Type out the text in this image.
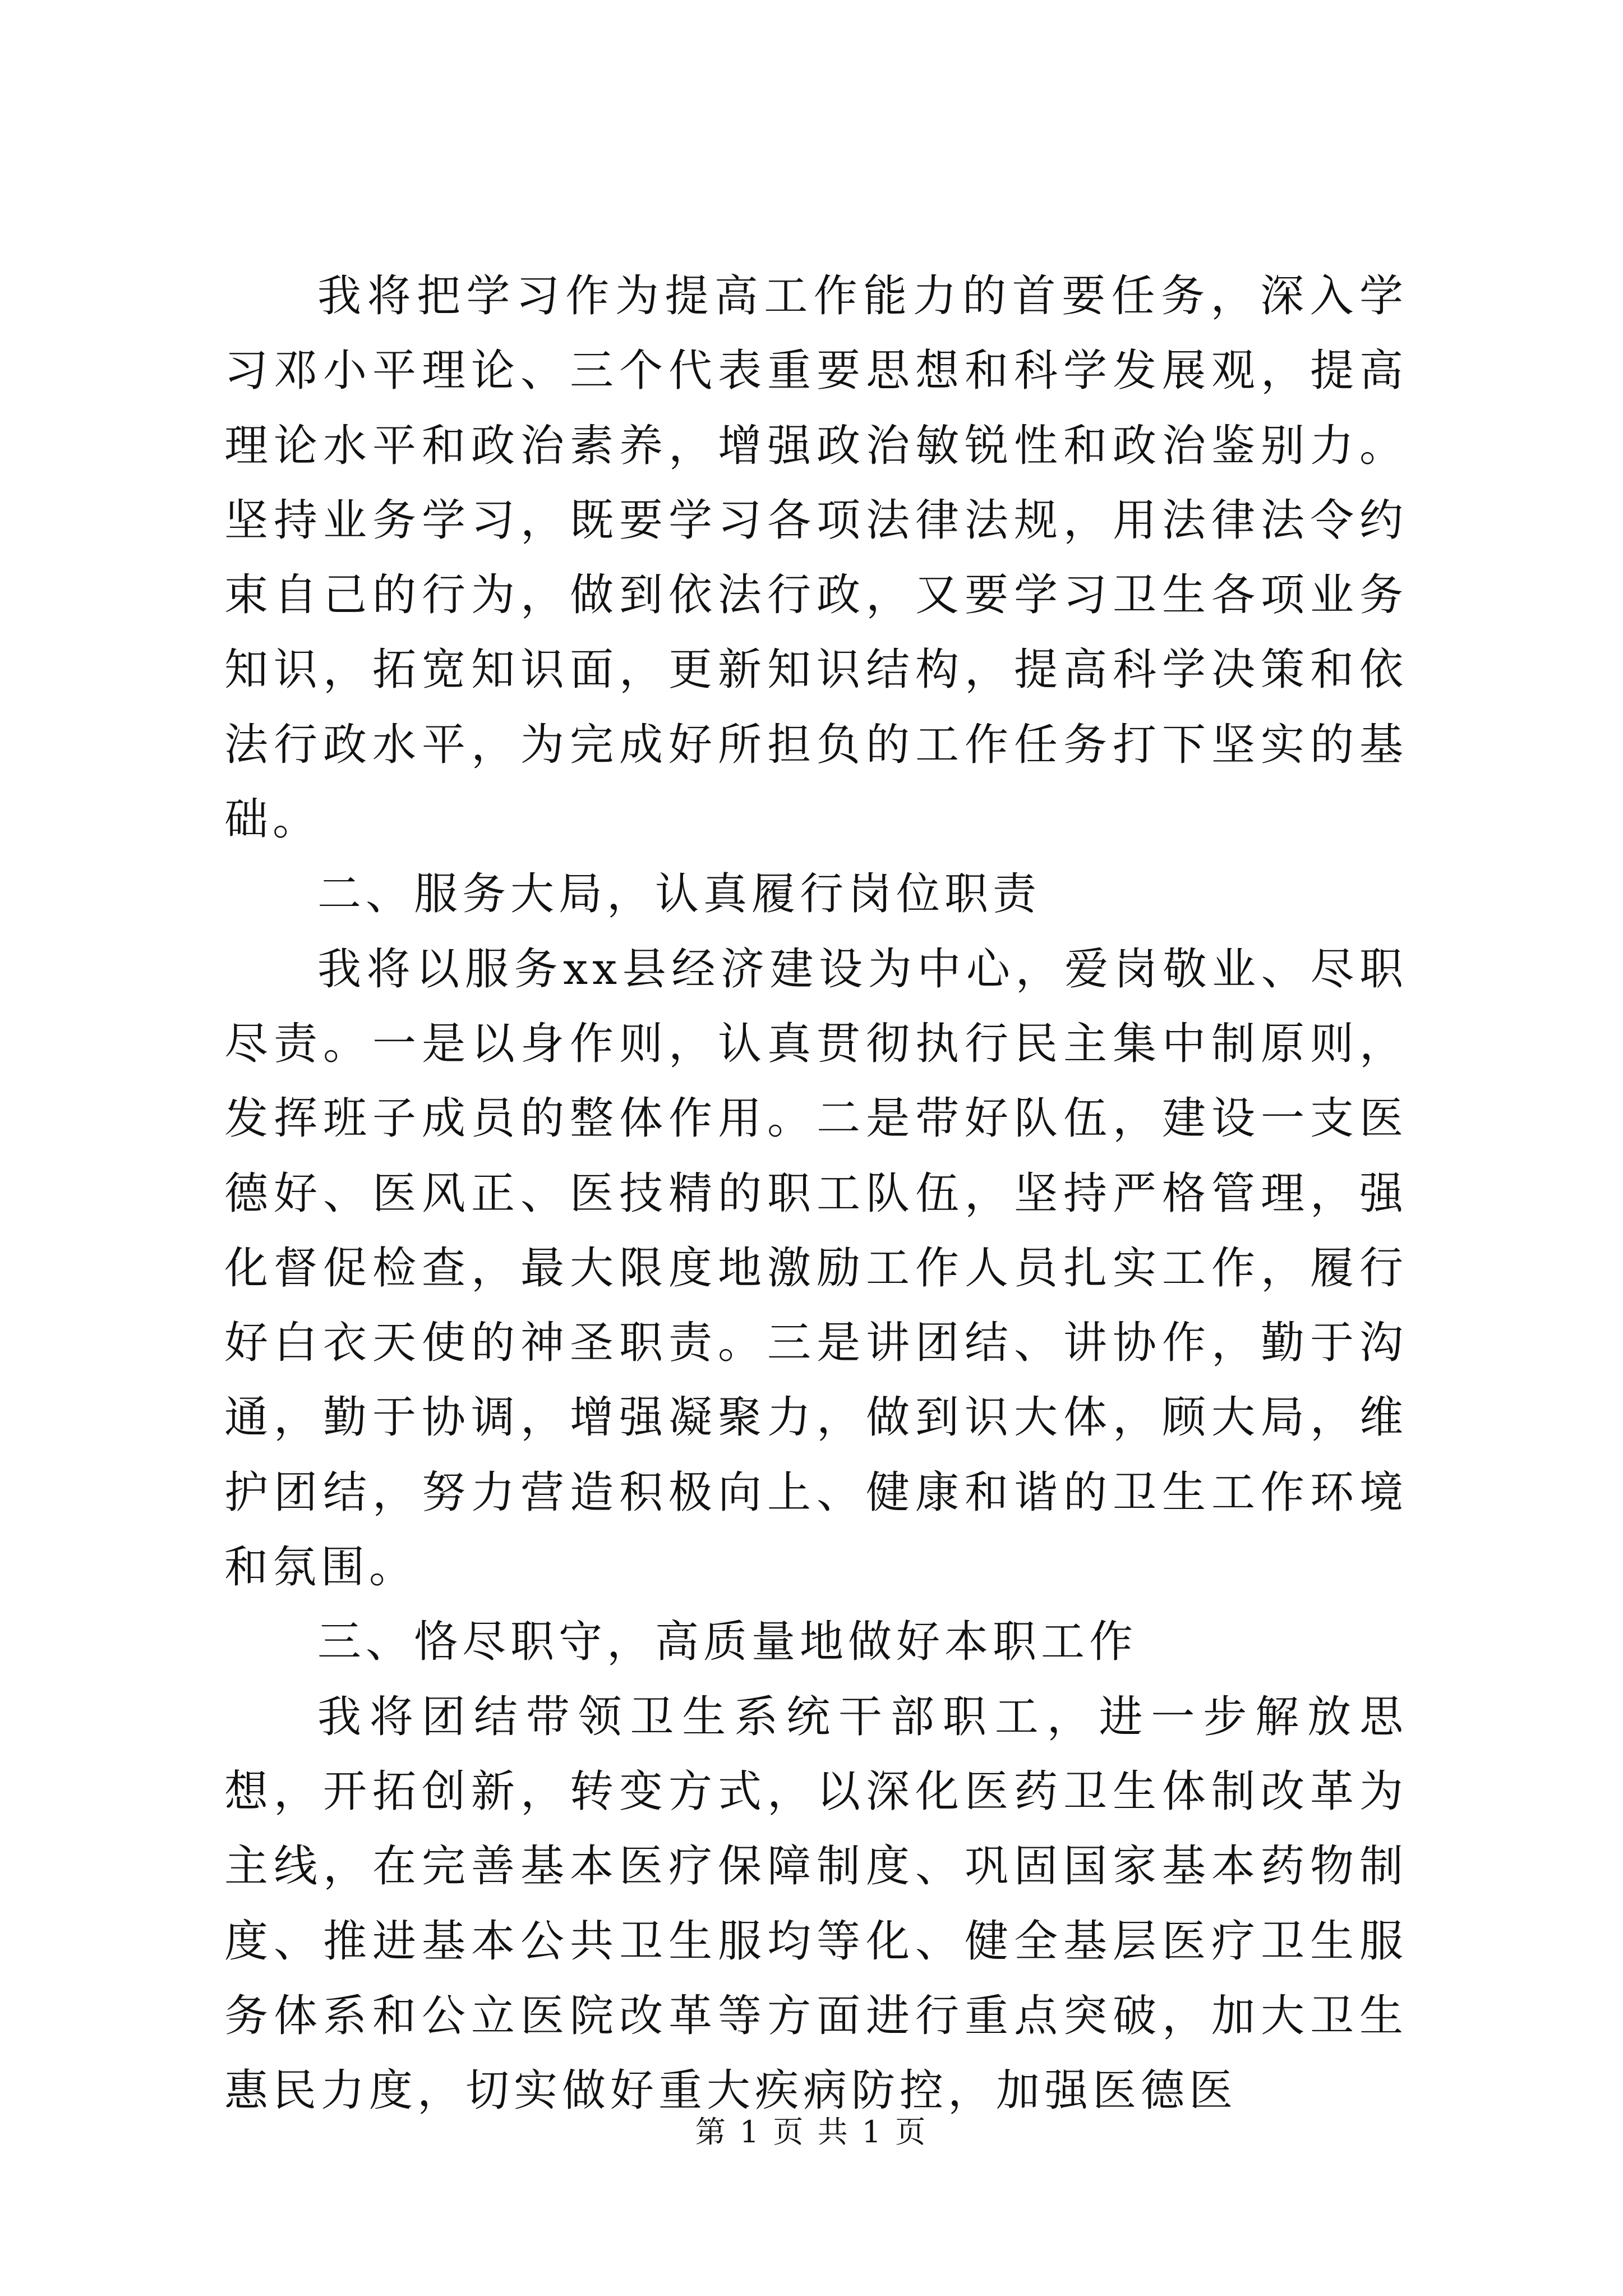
我将把学习作为提高工作能力的首要任务，深入学习邓小平理论、三个代表重要思想和科学发展观，提高理论水平和政治素养，增强政治敏锐性和政治鉴别力。坚持业务学习，既要学习各项法律法规，用法律法令约束自己的行为，做到依法行政，又要学习卫生各项业务知识，拓宽知识面，更新知识结构，提高科学决策和依法行政水平，为完成好所担负的工作任务打下坚实的基础。

二、服务大局，认真履行岗位职责

我将以服务xx县经济建设为中心，爱岗敬业、尽职尽责。一是以身作则，认真贯彻执行民主集中制原则，发挥班子成员的整体作用。二是带好队伍，建设一支医德好、医风正、医技精的职工队伍，坚持严格管理，强化督促检查，最大限度地激励工作人员扎实工作，履行好白衣天使的神圣职责。三是讲团结、讲协作，勤于沟通，勤于协调，增强凝聚力，做到识大体，顾大局，维护团结，努力营造积极向上、健康和谐的卫生工作环境和氛围。

三、恪尽职守，高质量地做好本职工作

我将团结带领卫生系统干部职工，进一步解放思想，开拓创新，转变方式，以深化医药卫生体制改革为主线，在完善基本医疗保障制度、巩固国家基本药物制度、推进基本公共卫生服均等化、健全基层医疗卫生服务体系和公立医院改革等方面进行重点突破，加大卫生惠民力度，切实做好重大疾病防控，加强医德医

第 1 页 共 1 页
